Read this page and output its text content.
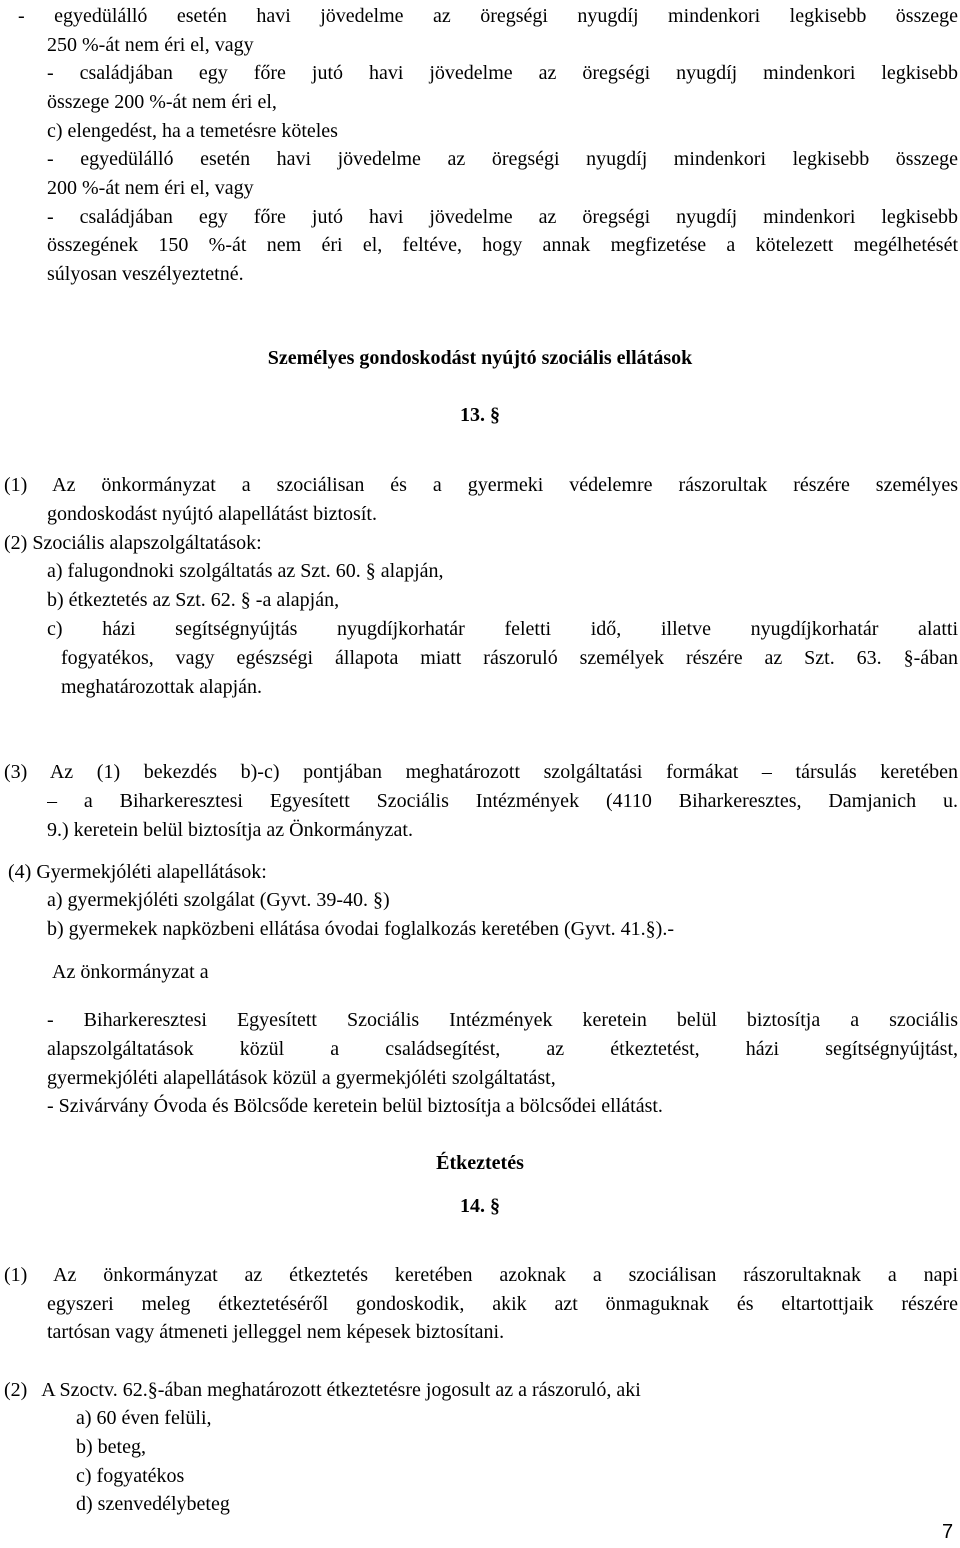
- egyedülálló esetén havi jövedelme az öregségi nyugdíj mindenkori legkisebb összege
250 %-át nem éri el, vagy
- családjában egy főre jutó havi jövedelme az öregségi nyugdíj mindenkori legkisebb
összege 200 %-át nem éri el,
c) elengedést, ha a temetésre köteles
- egyedülálló esetén havi jövedelme az öregségi nyugdíj mindenkori legkisebb összege
200 %-át nem éri el, vagy
- családjában egy főre jutó havi jövedelme az öregségi nyugdíj mindenkori legkisebb
összegének 150 %-át nem éri el, feltéve, hogy annak megfizetése a kötelezett megélhetését
súlyosan veszélyeztetné.
Személyes gondoskodást nyújtó szociális ellátások
13. §
(1) Az önkormányzat a szociálisan és a gyermeki védelemre rászorultak részére személyes
gondoskodást nyújtó alapellátást biztosít.
(2) Szociális alapszolgáltatások:
a) falugondnoki szolgáltatás az Szt. 60. § alapján,
b) étkeztetés az Szt. 62. § -a alapján,
c) házi segítségnyújtás nyugdíjkorhatár feletti idő, illetve nyugdíjkorhatár alatti
fogyatékos, vagy egészségi állapota miatt rászoruló személyek részére az Szt. 63. §-ában
meghatározottak alapján.
(3) Az (1) bekezdés b)-c) pontjában meghatározott szolgáltatási formákat – társulás keretében
– a Biharkeresztesi Egyesített Szociális Intézmények (4110 Biharkeresztes, Damjanich u.
9.) keretein belül biztosítja az Önkormányzat.
(4) Gyermekjóléti alapellátások:
a) gyermekjóléti szolgálat (Gyvt. 39-40. §)
b) gyermekek napközbeni ellátása óvodai foglalkozás keretében (Gyvt. 41.§).-
Az önkormányzat a
- Biharkeresztesi Egyesített Szociális Intézmények keretein belül biztosítja a szociális
alapszolgáltatások közül a családsegítést, az étkeztetést, házi segítségnyújtást,
gyermekjóléti alapellátások közül a gyermekjóléti szolgáltatást,
- Szivárvány Óvoda és Bölcsőde keretein belül biztosítja a bölcsődei ellátást.
Étkeztetés
14. §
(1) Az önkormányzat az étkeztetés keretében azoknak a szociálisan rászorultaknak a napi
egyszeri meleg étkeztetéséről gondoskodik, akik azt önmaguknak és eltartottjaik részére
tartósan vagy átmeneti jelleggel nem képesek biztosítani.
(2)   A Szoctv. 62.§-ában meghatározott étkeztetésre jogosult az a rászoruló, aki
a) 60 éven felüli,
b) beteg,
c) fogyatékos
d) szenvedélybeteg
7
